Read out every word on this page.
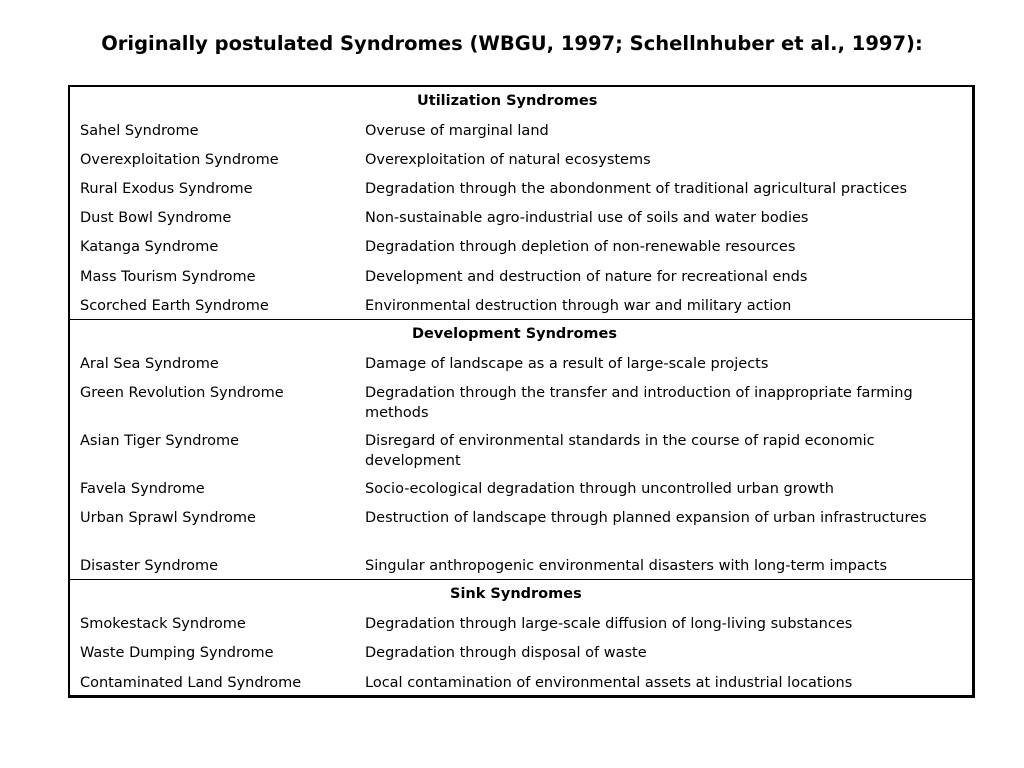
Originally postulated Syndromes (WBGU, 1997; Schellnhuber et al., 1997):
Utilization Syndromes
Sahel Syndrome	Overuse of marginal land
Overexploitation Syndrome	Overexploitation of natural ecosystems
Rural Exodus Syndrome	Degradation through the abondonment of traditional agricultural practices
Dust Bowl Syndrome	Non-sustainable agro-industrial use of soils and water bodies
Katanga Syndrome	Degradation through depletion of non-renewable resources
Mass Tourism Syndrome	Development and destruction of nature for recreational ends
Scorched Earth Syndrome	Environmental destruction through war and military action
Development Syndromes
Aral Sea Syndrome	Damage of landscape as a result of large-scale projects
Green Revolution Syndrome	Degradation through the transfer and introduction of inappropriate farming methods
Asian Tiger Syndrome	Disregard of environmental standards in the course of rapid economic development
Favela Syndrome	Socio-ecological degradation through uncontrolled urban growth
Urban Sprawl Syndrome	Destruction of landscape through planned expansion of urban infrastructures
Disaster Syndrome	Singular anthropogenic environmental disasters with long-term impacts
Sink Syndromes
Smokestack Syndrome	Degradation through large-scale diffusion of long-living substances
Waste Dumping Syndrome	Degradation through disposal of waste
Contaminated Land Syndrome	Local contamination of environmental assets at industrial locations
